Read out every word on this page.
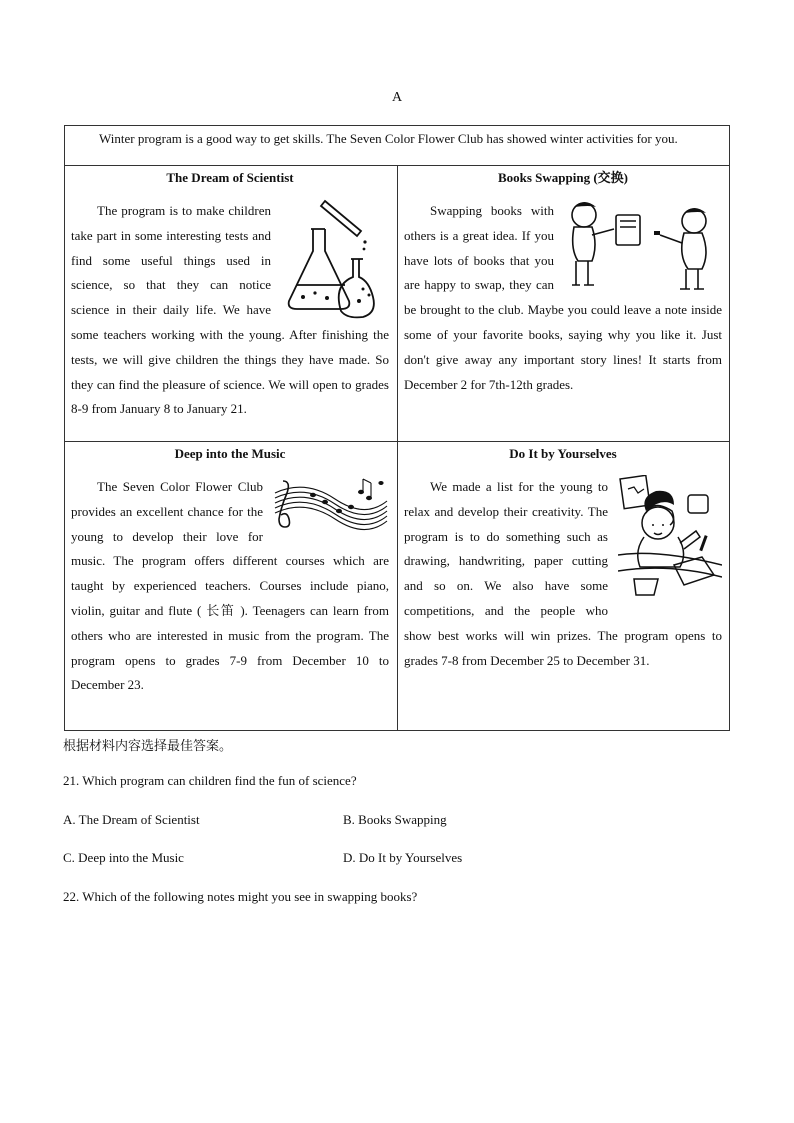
A
Winter program is a good way to get skills. The Seven Color Flower Club has showed winter activities for you.
The Dream of Scientist

The program is to make children take part in some interesting tests and find some useful things used in science, so that they can notice science in their daily life. We have some teachers working with the young. After finishing the tests, we will give children the things they have made. So they can find the pleasure of science. We will open to grades 8-9 from January 8 to January 21.

Books Swapping (交换)

Swapping books with others is a great idea. If you have lots of books that you are happy to swap, they can be brought to the club. Maybe you could leave a note inside some of your favorite books, saying why you like it. Just don't give away any important story lines! It starts from December 2 for 7th-12th grades.

Deep into the Music

The Seven Color Flower Club provides an excellent chance for the young to develop their love for music. The program offers different courses which are taught by experienced teachers. Courses include piano, violin, guitar and flute ( 长笛 ). Teenagers can learn from others who are interested in music from the program. The program opens to grades 7-9 from December 10 to December 23.

Do It by Yourselves

We made a list for the young to relax and develop their creativity. The program is to do something such as drawing, handwriting, paper cutting and so on. We also have some competitions, and the people who show best works will win prizes. The program opens to grades 7-8 from December 25 to December 31.

根据材料内容选择最佳答案。
21. Which program can children find the fun of science?
A. The Dream of Scientist	B. Books Swapping
C. Deep into the Music	D. Do It by Yourselves
22. Which of the following notes might you see in swapping books?
